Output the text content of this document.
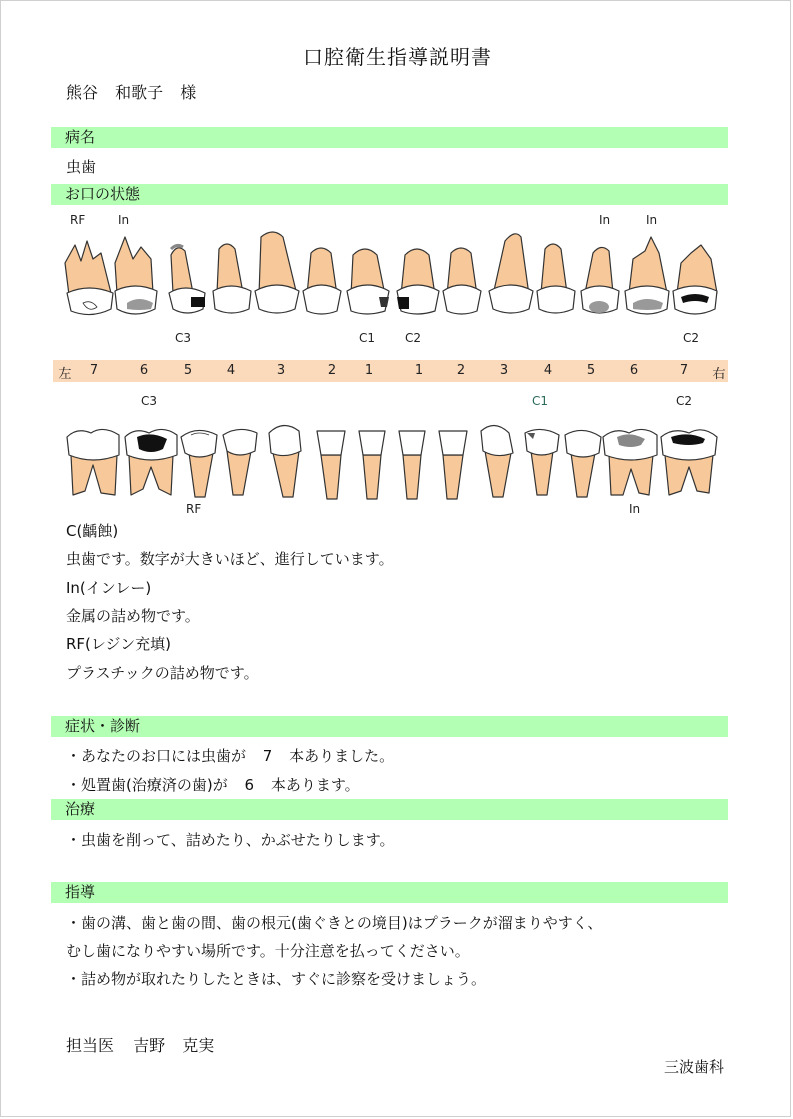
口腔衛生指導説明書
熊谷 和歌子 様
病名
虫歯
お口の状態
RF	In	In	In
C3	C1 C2	C2
左 7	6	5	4	3	2 1	1	2	3	4	5	6	7 右
C3	C1	C2
RF	In
C(齲蝕)
虫歯です。数字が大きいほど、進行しています。
In(インレー)
金属の詰め物です。
RF(レジン充填)
プラスチックの詰め物です。
症状・診断
・あなたのお口には虫歯が 7 本ありました。
・処置歯(治療済の歯)が 6 本あります。
治療
・虫歯を削って、詰めたり、かぶせたりします。
指導
・歯の溝、歯と歯の間、歯の根元(歯ぐきとの境目)はプラークが溜まりやすく、
むし歯になりやすい場所です。十分注意を払ってください。
・詰め物が取れたりしたときは、すぐに診察を受けましょう。
担当医 吉野 克実
三波歯科
